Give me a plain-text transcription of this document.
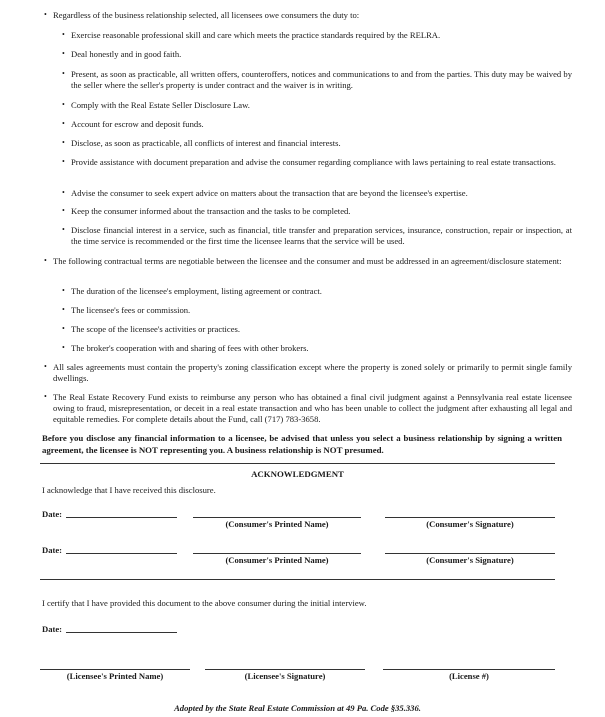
• Regardless of the business relationship selected, all licensees owe consumers the duty to:
• Exercise reasonable professional skill and care which meets the practice standards required by the RELRA.
• Deal honestly and in good faith.
• Present, as soon as practicable, all written offers, counteroffers, notices and communications to and from the parties. This duty may be waived by the seller where the seller's property is under contract and the waiver is in writing.
• Comply with the Real Estate Seller Disclosure Law.
• Account for escrow and deposit funds.
• Disclose, as soon as practicable, all conflicts of interest and financial interests.
• Provide assistance with document preparation and advise the consumer regarding compliance with laws pertaining to real estate transactions.
• Advise the consumer to seek expert advice on matters about the transaction that are beyond the licensee's expertise.
• Keep the consumer informed about the transaction and the tasks to be completed.
• Disclose financial interest in a service, such as financial, title transfer and preparation services, insurance, construction, repair or inspection, at the time service is recommended or the first time the licensee learns that the service will be used.
• The following contractual terms are negotiable between the licensee and the consumer and must be addressed in an agreement/disclosure statement:
• The duration of the licensee's employment, listing agreement or contract.
• The licensee's fees or commission.
• The scope of the licensee's activities or practices.
• The broker's cooperation with and sharing of fees with other brokers.
• All sales agreements must contain the property's zoning classification except where the property is zoned solely or primarily to permit single family dwellings.
• The Real Estate Recovery Fund exists to reimburse any person who has obtained a final civil judgment against a Pennsylvania real estate licensee owing to fraud, misrepresentation, or deceit in a real estate transaction and who has been unable to collect the judgment after exhausting all legal and equitable remedies. For complete details about the Fund, call (717) 783-3658.
Before you disclose any financial information to a licensee, be advised that unless you select a business relationship by signing a written agreement, the licensee is NOT representing you. A business relationship is NOT presumed.
ACKNOWLEDGMENT
I acknowledge that I have received this disclosure.
Date:
(Consumer's Printed Name)	(Consumer's Signature)
Date:
(Consumer's Printed Name)	(Consumer's Signature)
I certify that I have provided this document to the above consumer during the initial interview.
Date:
(Licensee's Printed Name)	(Licensee's Signature)	(License #)
Adopted by the State Real Estate Commission at 49 Pa. Code §35.336.
